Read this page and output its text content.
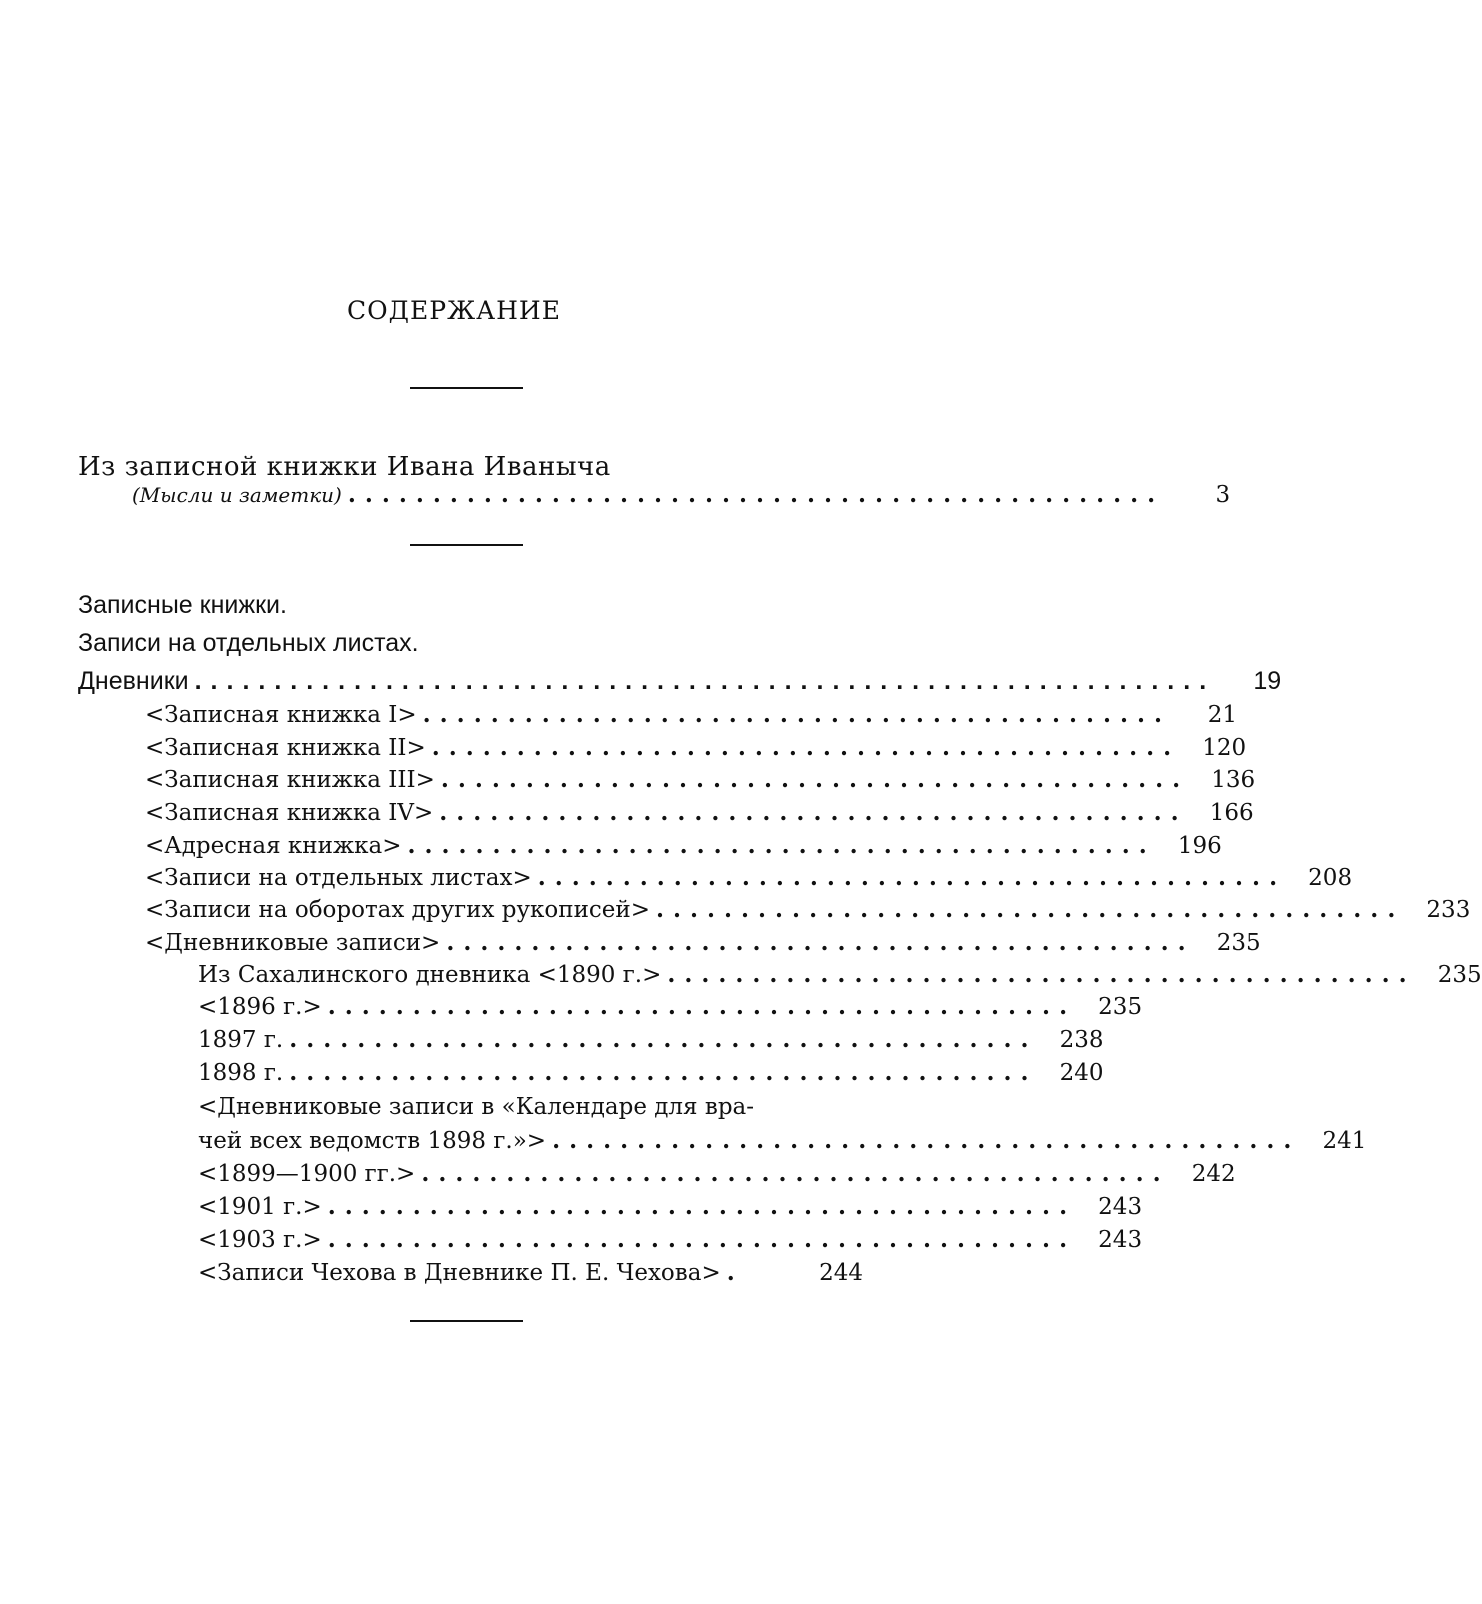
СОДЕРЖАНИЕ
Из записной книжки Ивана Иваныча
(Мысли и заметки) ................................................	3
Записные книжки.
Записи на отдельных листах.
Дневники ................................................................	19
<Записная книжка I> ............................................	21
<Записная книжка II> ............................................ 120
<Записная книжка III> ............................................ 136
<Записная книжка IV> ............................................ 166
<Адресная книжка> ............................................ 196
<Записи на отдельных листах> ............................................ 208
<Записи на оборотах других рукописей> ............................................ 233
<Дневниковые записи> ............................................ 235
Из Сахалинского дневника <1890 г.> ............................................ 235
<1896 г.> ............................................ 235
1897 г. ............................................ 238
1898 г. ............................................ 240
<Дневниковые записи в «Календаре для вра-
чей всех ведомств 1898 г.»> ............................................ 241
<1899—1900 гг.> ............................................ 242
<1901 г.> ............................................ 243
<1903 г.> ............................................ 243
<Записи Чехова в Дневнике П. Е. Чехова> .	244
